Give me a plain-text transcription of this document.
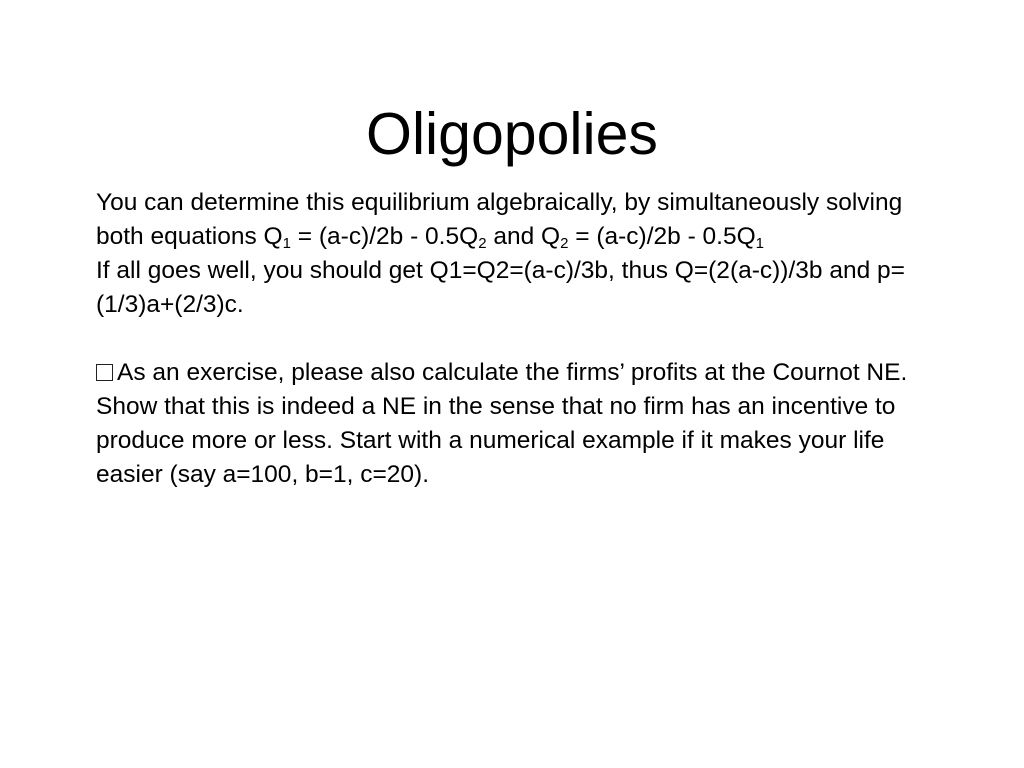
Oligopolies

You can determine this equilibrium algebraically, by simultaneously solving both equations $Q_1 = (a-c)/2b - 0.5Q_2$ and $Q_2 = (a-c)/2b - 0.5Q_1$

If all goes well, you should get Q1=Q2=(a-c)/3b, thus Q=(2(a-c))/3b and p=(1/3)a+(2/3)c.

As an exercise, please also calculate the firms’ profits at the Cournot NE. Show that this is indeed a NE in the sense that no firm has an incentive to produce more or less. Start with a numerical example if it makes your life easier (say a=100, b=1, c=20).
